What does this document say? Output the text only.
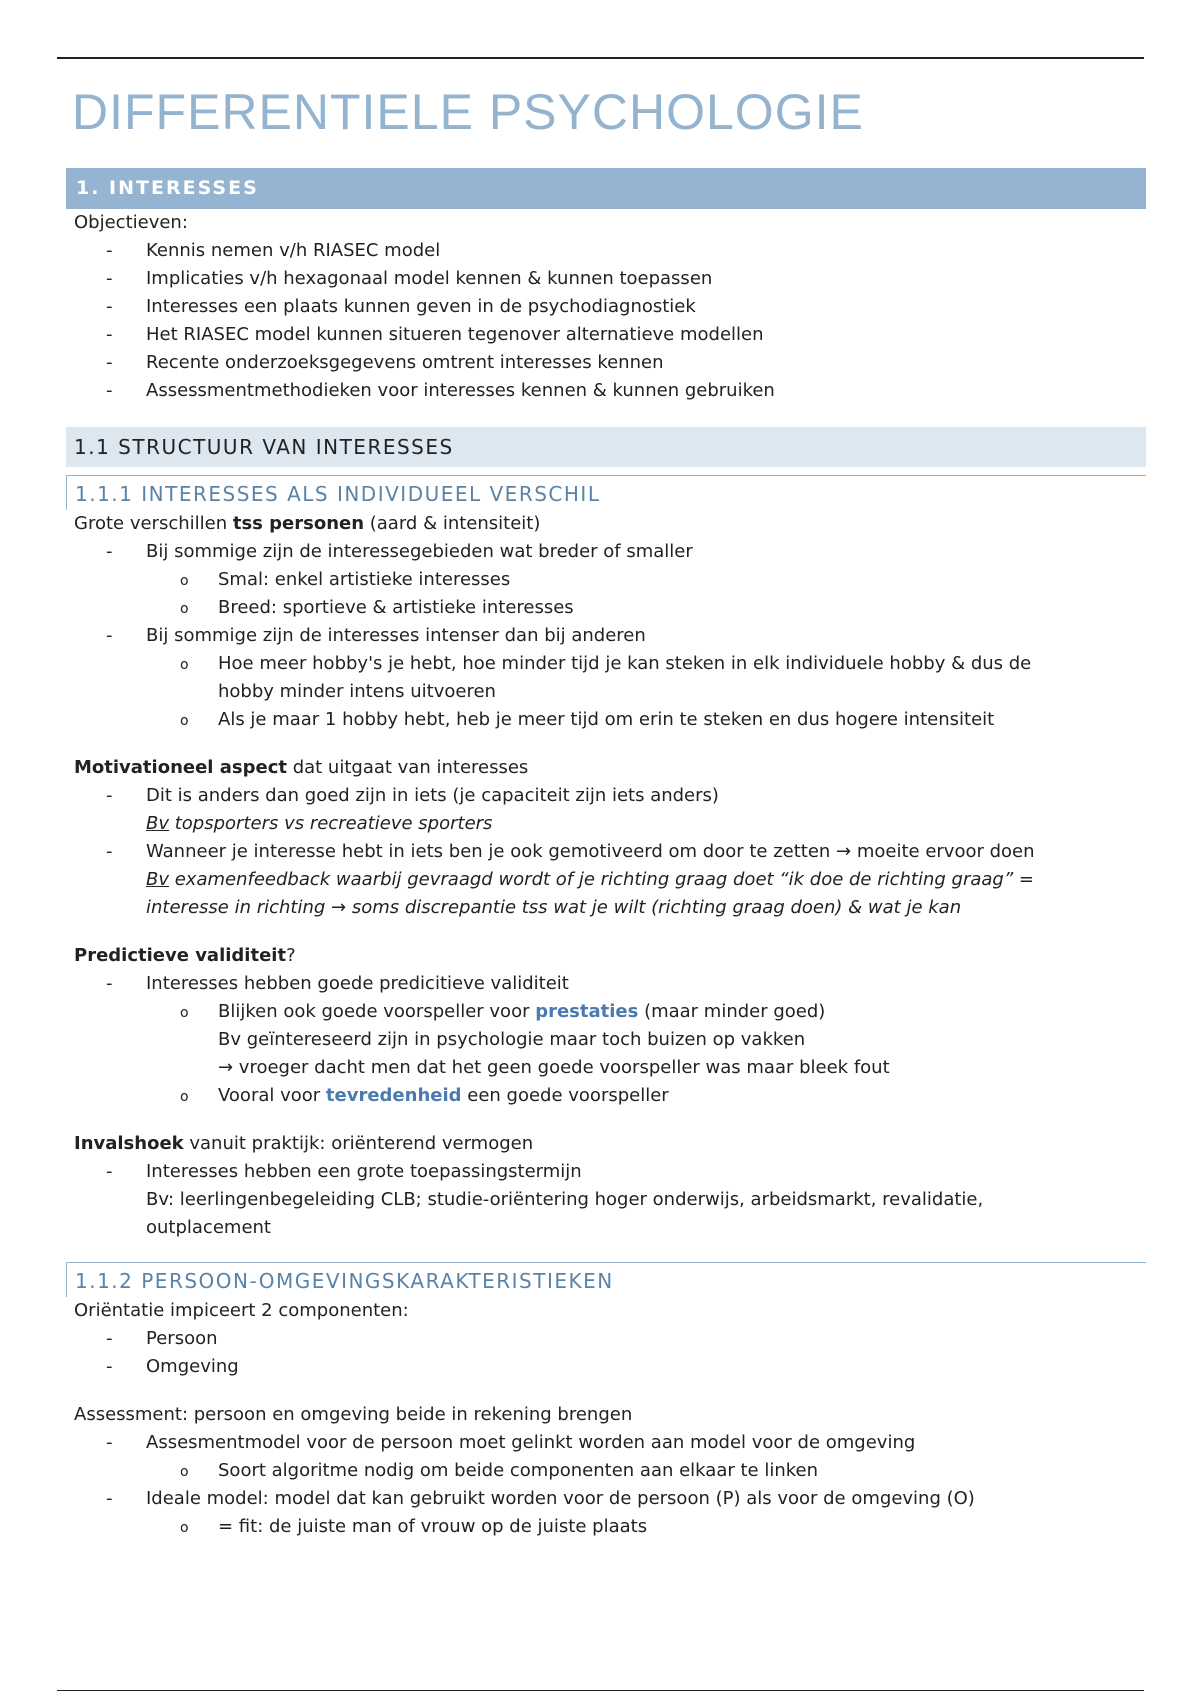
DIFFERENTIELE PSYCHOLOGIE
1. INTERESSES
Objectieven:
- Kennis nemen v/h RIASEC model
- Implicaties v/h hexagonaal model kennen & kunnen toepassen
- Interesses een plaats kunnen geven in de psychodiagnostiek
- Het RIASEC model kunnen situeren tegenover alternatieve modellen
- Recente onderzoeksgegevens omtrent interesses kennen
- Assessmentmethodieken voor interesses kennen & kunnen gebruiken
1.1 STRUCTUUR VAN INTERESSES
1.1.1 INTERESSES ALS INDIVIDUEEL VERSCHIL
Grote verschillen tss personen (aard & intensiteit)
- Bij sommige zijn de interessegebieden wat breder of smaller
o Smal: enkel artistieke interesses
o Breed: sportieve & artistieke interesses
- Bij sommige zijn de interesses intenser dan bij anderen
o Hoe meer hobby's je hebt, hoe minder tijd je kan steken in elk individuele hobby & dus de
hobby minder intens uitvoeren
o Als je maar 1 hobby hebt, heb je meer tijd om erin te steken en dus hogere intensiteit
Motivationeel aspect dat uitgaat van interesses
- Dit is anders dan goed zijn in iets (je capaciteit zijn iets anders)
Bv topsporters vs recreatieve sporters
- Wanneer je interesse hebt in iets ben je ook gemotiveerd om door te zetten → moeite ervoor doen
Bv examenfeedback waarbij gevraagd wordt of je richting graag doet “ik doe de richting graag” =
interesse in richting → soms discrepantie tss wat je wilt (richting graag doen) & wat je kan
Predictieve validiteit?
- Interesses hebben goede predicitieve validiteit
o Blijken ook goede voorspeller voor prestaties (maar minder goed)
Bv geïntereseerd zijn in psychologie maar toch buizen op vakken
→ vroeger dacht men dat het geen goede voorspeller was maar bleek fout
o Vooral voor tevredenheid een goede voorspeller
Invalshoek vanuit praktijk: oriënterend vermogen
- Interesses hebben een grote toepassingstermijn
Bv: leerlingenbegeleiding CLB; studie-oriëntering hoger onderwijs, arbeidsmarkt, revalidatie,
outplacement
1.1.2 PERSOON-OMGEVINGSKARAKTERISTIEKEN
Oriëntatie impiceert 2 componenten:
- Persoon
- Omgeving
Assessment: persoon en omgeving beide in rekening brengen
- Assesmentmodel voor de persoon moet gelinkt worden aan model voor de omgeving
o Soort algoritme nodig om beide componenten aan elkaar te linken
- Ideale model: model dat kan gebruikt worden voor de persoon (P) als voor de omgeving (O)
o = fit: de juiste man of vrouw op de juiste plaats
